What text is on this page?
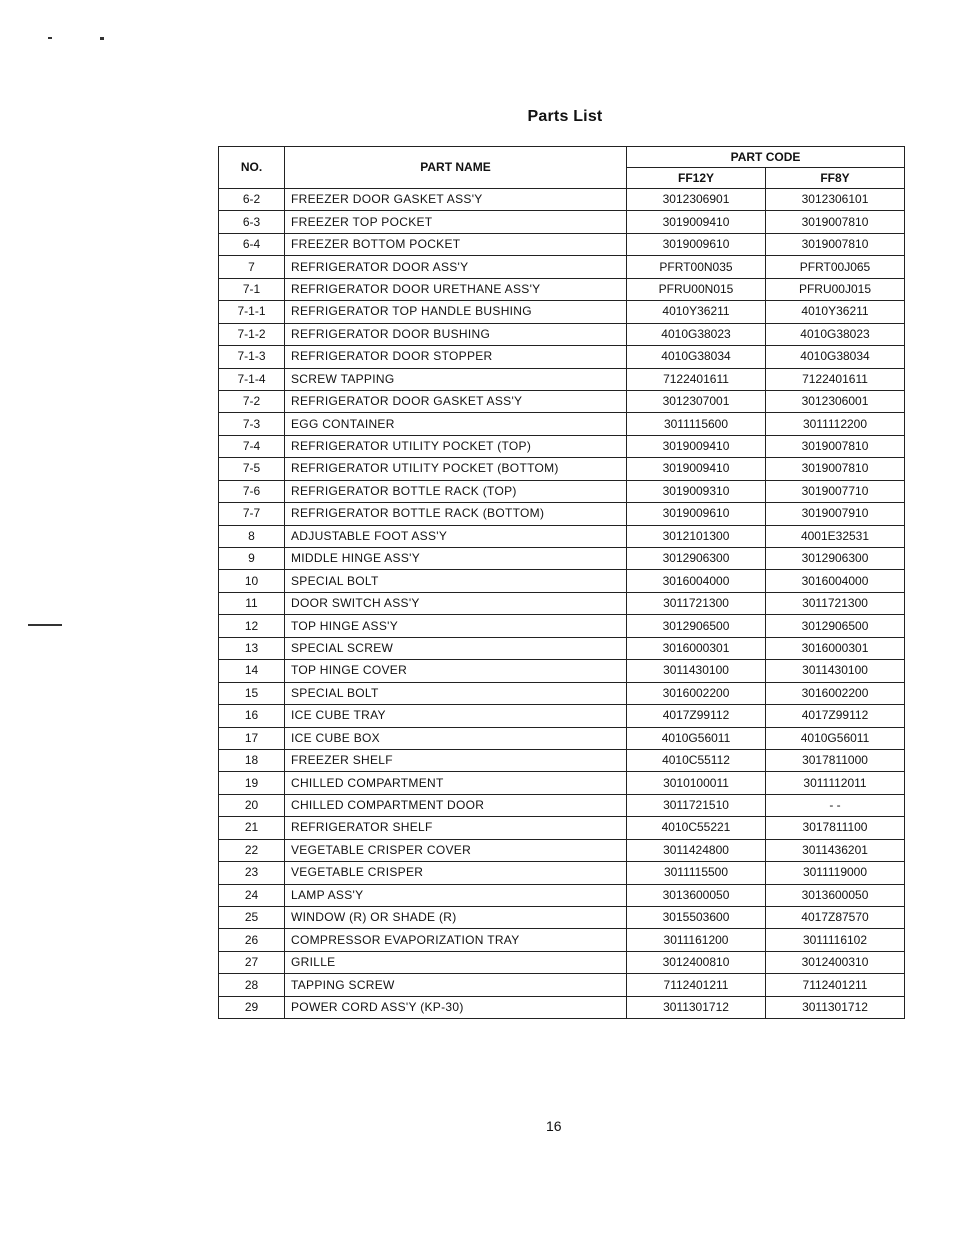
Parts List
NO.	PART NAME	PART CODE	
		FF12Y	FF8Y
6-2	FREEZER DOOR GASKET ASS'Y	3012306901	3012306101
6-3	FREEZER TOP POCKET	3019009410	3019007810
6-4	FREEZER BOTTOM POCKET	3019009610	3019007810
7	REFRIGERATOR DOOR ASS'Y	PFRT00N035	PFRT00J065
7-1	REFRIGERATOR DOOR URETHANE ASS'Y	PFRU00N015	PFRU00J015
7-1-1	REFRIGERATOR TOP HANDLE BUSHING	4010Y36211	4010Y36211
7-1-2	REFRIGERATOR DOOR BUSHING	4010G38023	4010G38023
7-1-3	REFRIGERATOR DOOR STOPPER	4010G38034	4010G38034
7-1-4	SCREW TAPPING	7122401611	7122401611
7-2	REFRIGERATOR DOOR GASKET ASS'Y	3012307001	3012306001
7-3	EGG CONTAINER	3011115600	3011112200
7-4	REFRIGERATOR UTILITY POCKET (TOP)	3019009410	3019007810
7-5	REFRIGERATOR UTILITY POCKET (BOTTOM)	3019009410	3019007810
7-6	REFRIGERATOR BOTTLE RACK (TOP)	3019009310	3019007710
7-7	REFRIGERATOR BOTTLE RACK (BOTTOM)	3019009610	3019007910
8	ADJUSTABLE FOOT ASS'Y	3012101300	4001E32531
9	MIDDLE HINGE ASS'Y	3012906300	3012906300
10	SPECIAL BOLT	3016004000	3016004000
11	DOOR SWITCH ASS'Y	3011721300	3011721300
12	TOP HINGE ASS'Y	3012906500	3012906500
13	SPECIAL SCREW	3016000301	3016000301
14	TOP HINGE COVER	3011430100	3011430100
15	SPECIAL BOLT	3016002200	3016002200
16	ICE CUBE TRAY	4017Z99112	4017Z99112
17	ICE CUBE BOX	4010G56011	4010G56011
18	FREEZER SHELF	4010C55112	3017811000
19	CHILLED COMPARTMENT	3010100011	3011112011
20	CHILLED COMPARTMENT DOOR	3011721510	- -
21	REFRIGERATOR SHELF	4010C55221	3017811100
22	VEGETABLE CRISPER COVER	3011424800	3011436201
23	VEGETABLE CRISPER	3011115500	3011119000
24	LAMP ASS'Y	3013600050	3013600050
25	WINDOW (R) OR SHADE (R)	3015503600	4017Z87570
26	COMPRESSOR EVAPORIZATION TRAY	3011161200	3011116102
27	GRILLE	3012400810	3012400310
28	TAPPING SCREW	7112401211	7112401211
29	POWER CORD ASS'Y (KP-30)	3011301712	3011301712
16
